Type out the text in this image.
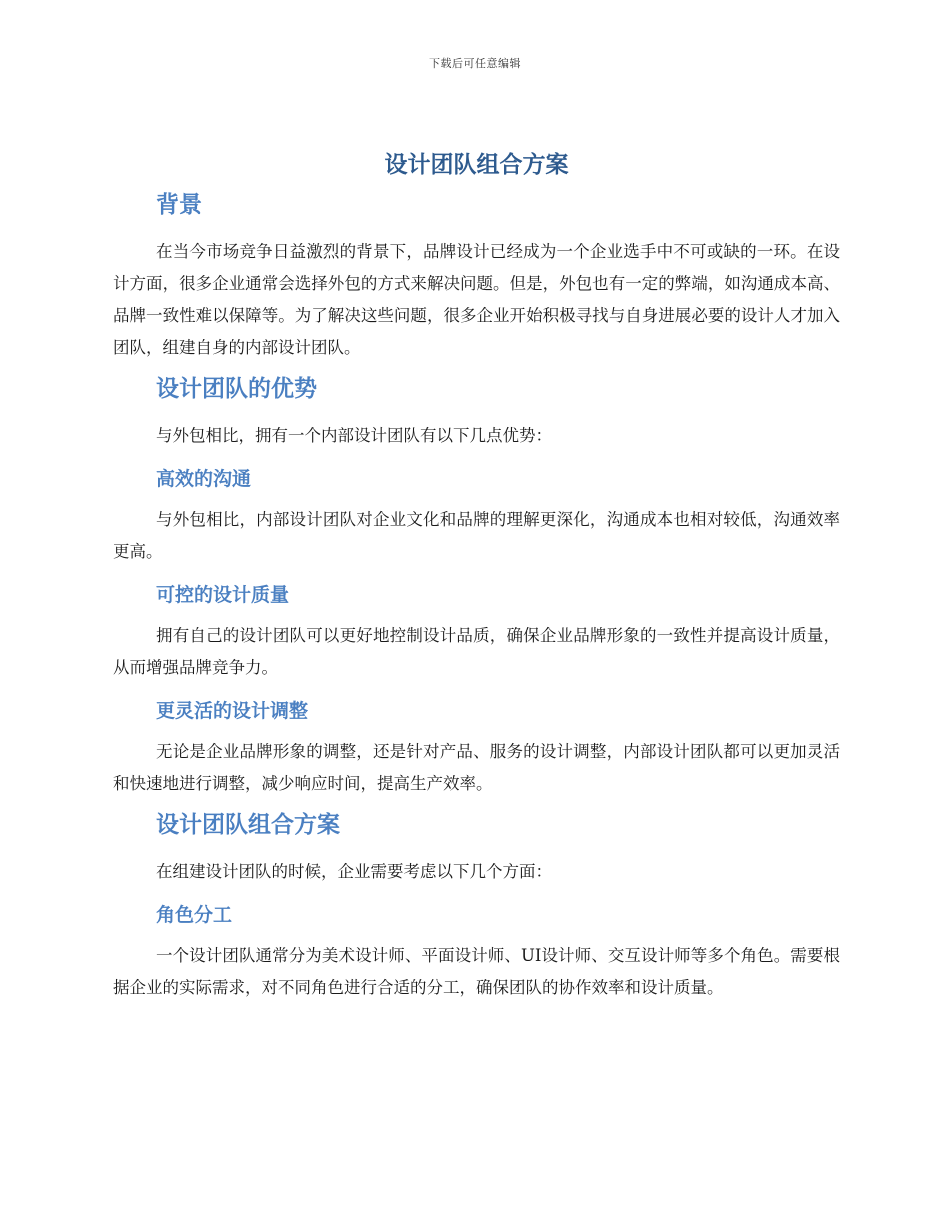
下载后可任意编辑
设计团队组合方案
背景

在当今市场竞争日益激烈的背景下，品牌设计已经成为一个企业选手中不可或缺的一环。在设计方面，很多企业通常会选择外包的方式来解决问题。但是，外包也有一定的弊端，如沟通成本高、品牌一致性难以保障等。为了解决这些问题，很多企业开始积极寻找与自身进展必要的设计人才加入团队，组建自身的内部设计团队。

设计团队的优势

与外包相比，拥有一个内部设计团队有以下几点优势：

高效的沟通

与外包相比，内部设计团队对企业文化和品牌的理解更深化，沟通成本也相对较低，沟通效率更高。

可控的设计质量

拥有自己的设计团队可以更好地控制设计品质，确保企业品牌形象的一致性并提高设计质量，从而增强品牌竞争力。

更灵活的设计调整

无论是企业品牌形象的调整，还是针对产品、服务的设计调整，内部设计团队都可以更加灵活和快速地进行调整，减少响应时间，提高生产效率。

设计团队组合方案

在组建设计团队的时候，企业需要考虑以下几个方面：

角色分工

一个设计团队通常分为美术设计师、平面设计师、UI设计师、交互设计师等多个角色。需要根据企业的实际需求，对不同角色进行合适的分工，确保团队的协作效率和设计质量。
